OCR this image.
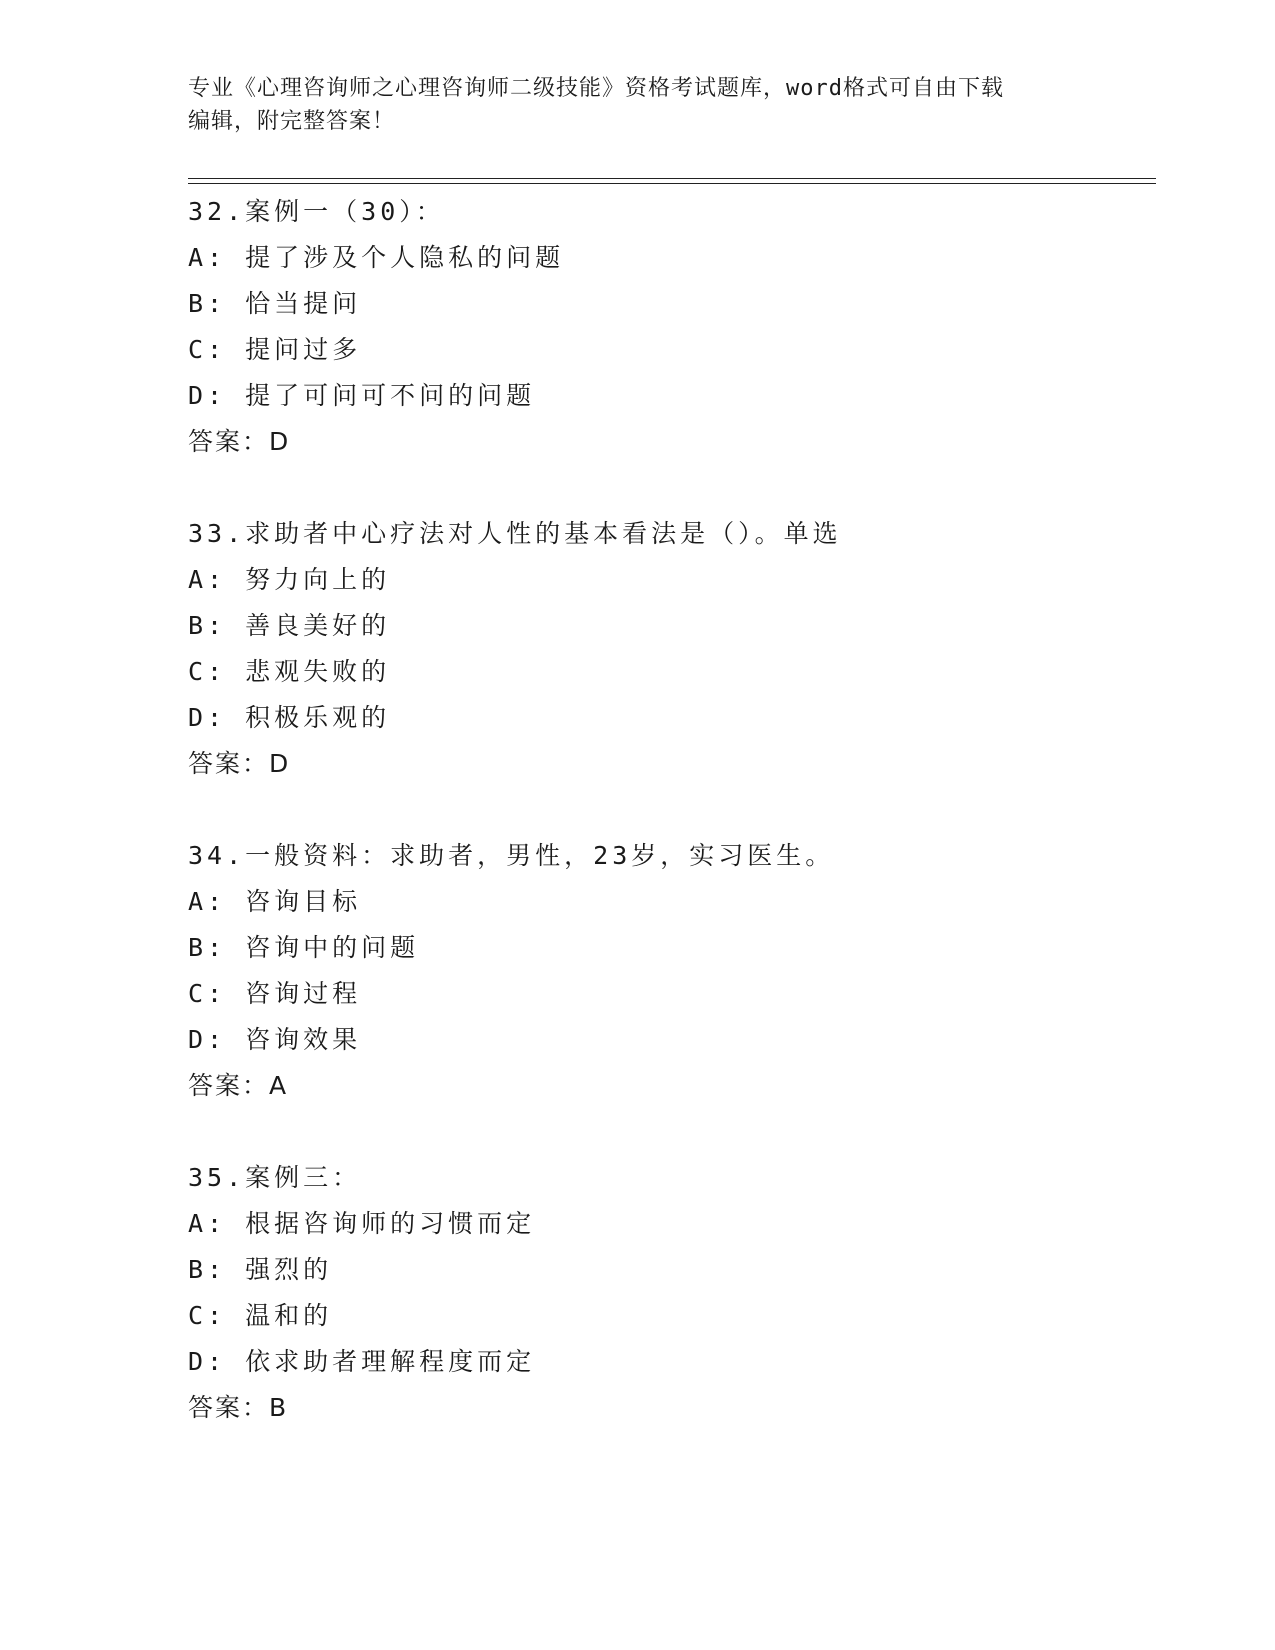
专业《心理咨询师之心理咨询师二级技能》资格考试题库，word格式可自由下载
编辑，附完整答案！
32.案例一（30）：
A: 提了涉及个人隐私的问题
B: 恰当提问
C: 提问过多
D: 提了可问可不问的问题
答案：D
33.求助者中心疗法对人性的基本看法是（）。单选
A: 努力向上的
B: 善良美好的
C: 悲观失败的
D: 积极乐观的
答案：D
34.一般资料：求助者，男性，23岁，实习医生。
A: 咨询目标
B: 咨询中的问题
C: 咨询过程
D: 咨询效果
答案：A
35.案例三：
A: 根据咨询师的习惯而定
B: 强烈的
C: 温和的
D: 依求助者理解程度而定
答案：B
